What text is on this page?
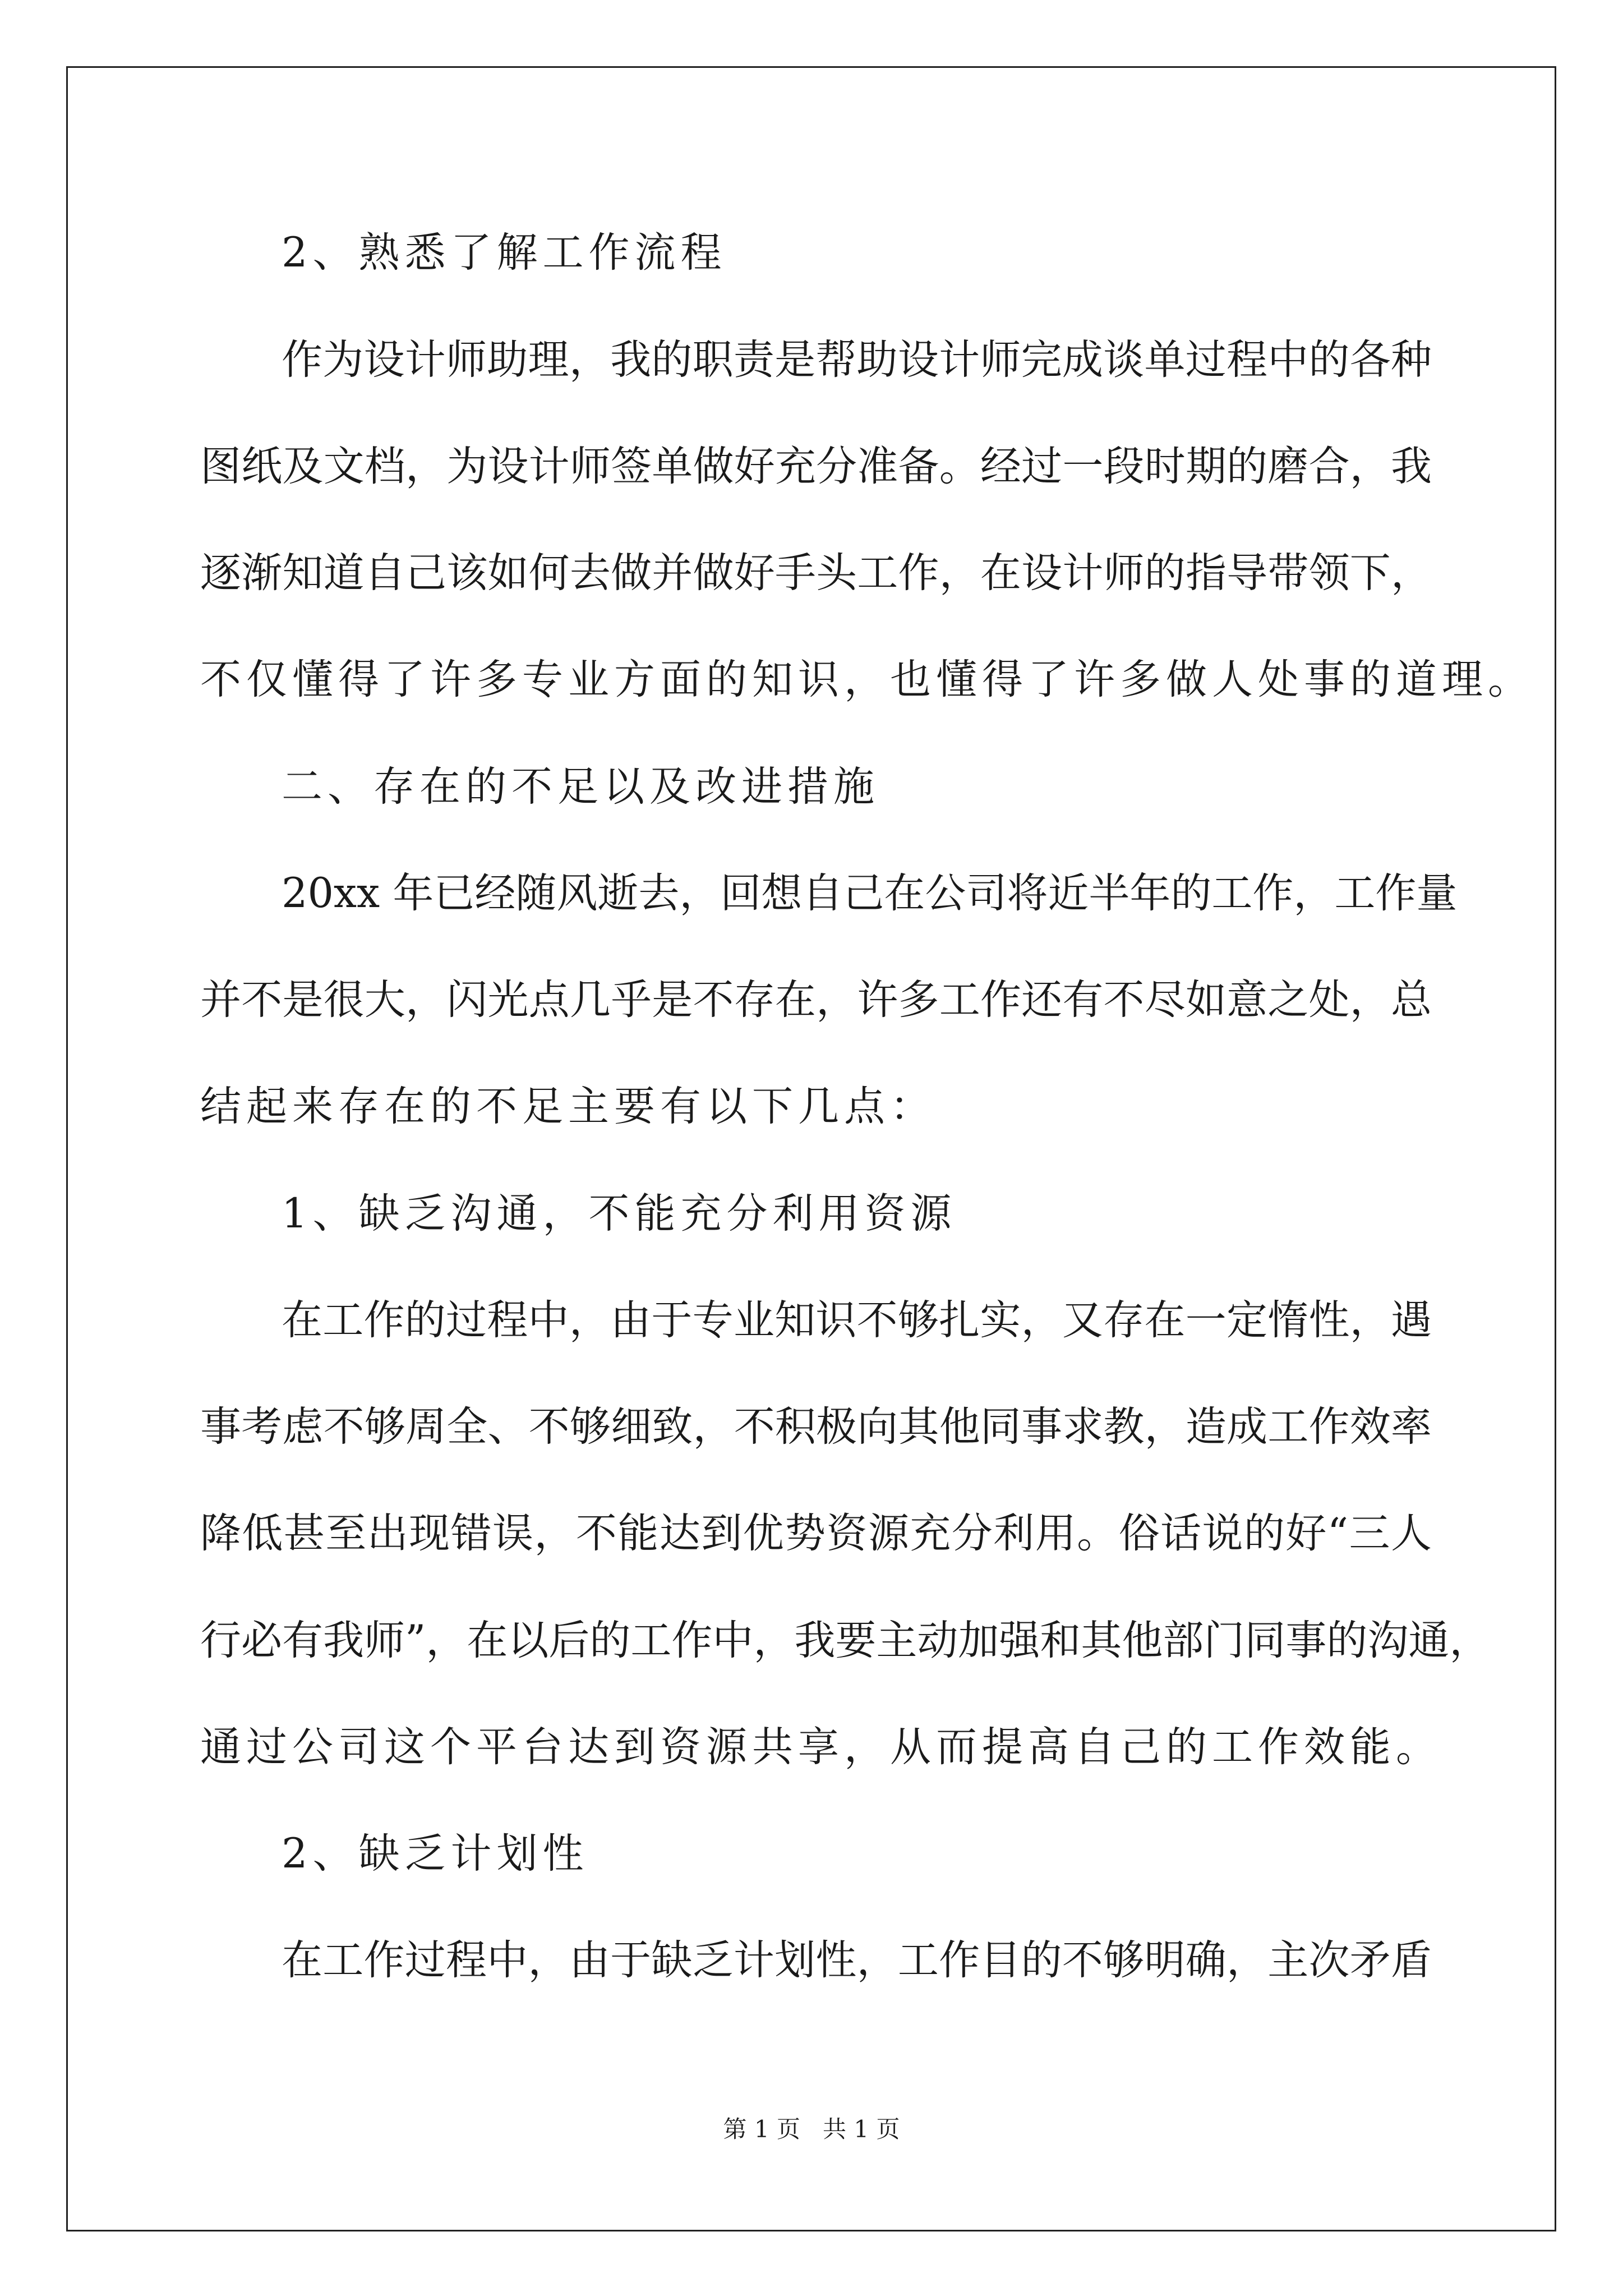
2、熟悉了解工作流程
作为设计师助理，我的职责是帮助设计师完成谈单过程中的各种
图纸及文档，为设计师签单做好充分准备。经过一段时期的磨合，我
逐渐知道自己该如何去做并做好手头工作，在设计师的指导带领下，
不仅懂得了许多专业方面的知识，也懂得了许多做人处事的道理。
二、存在的不足以及改进措施
20xx 年已经随风逝去，回想自己在公司将近半年的工作，工作量
并不是很大，闪光点几乎是不存在，许多工作还有不尽如意之处，总
结起来存在的不足主要有以下几点：
1、缺乏沟通，不能充分利用资源
在工作的过程中，由于专业知识不够扎实，又存在一定惰性，遇
事考虑不够周全、不够细致，不积极向其他同事求教，造成工作效率
降低甚至出现错误，不能达到优势资源充分利用。俗话说的好“三人
行必有我师”，在以后的工作中，我要主动加强和其他部门同事的沟通，
通过公司这个平台达到资源共享，从而提高自己的工作效能。
2、缺乏计划性
在工作过程中，由于缺乏计划性，工作目的不够明确，主次矛盾
第 1 页   共 1 页
